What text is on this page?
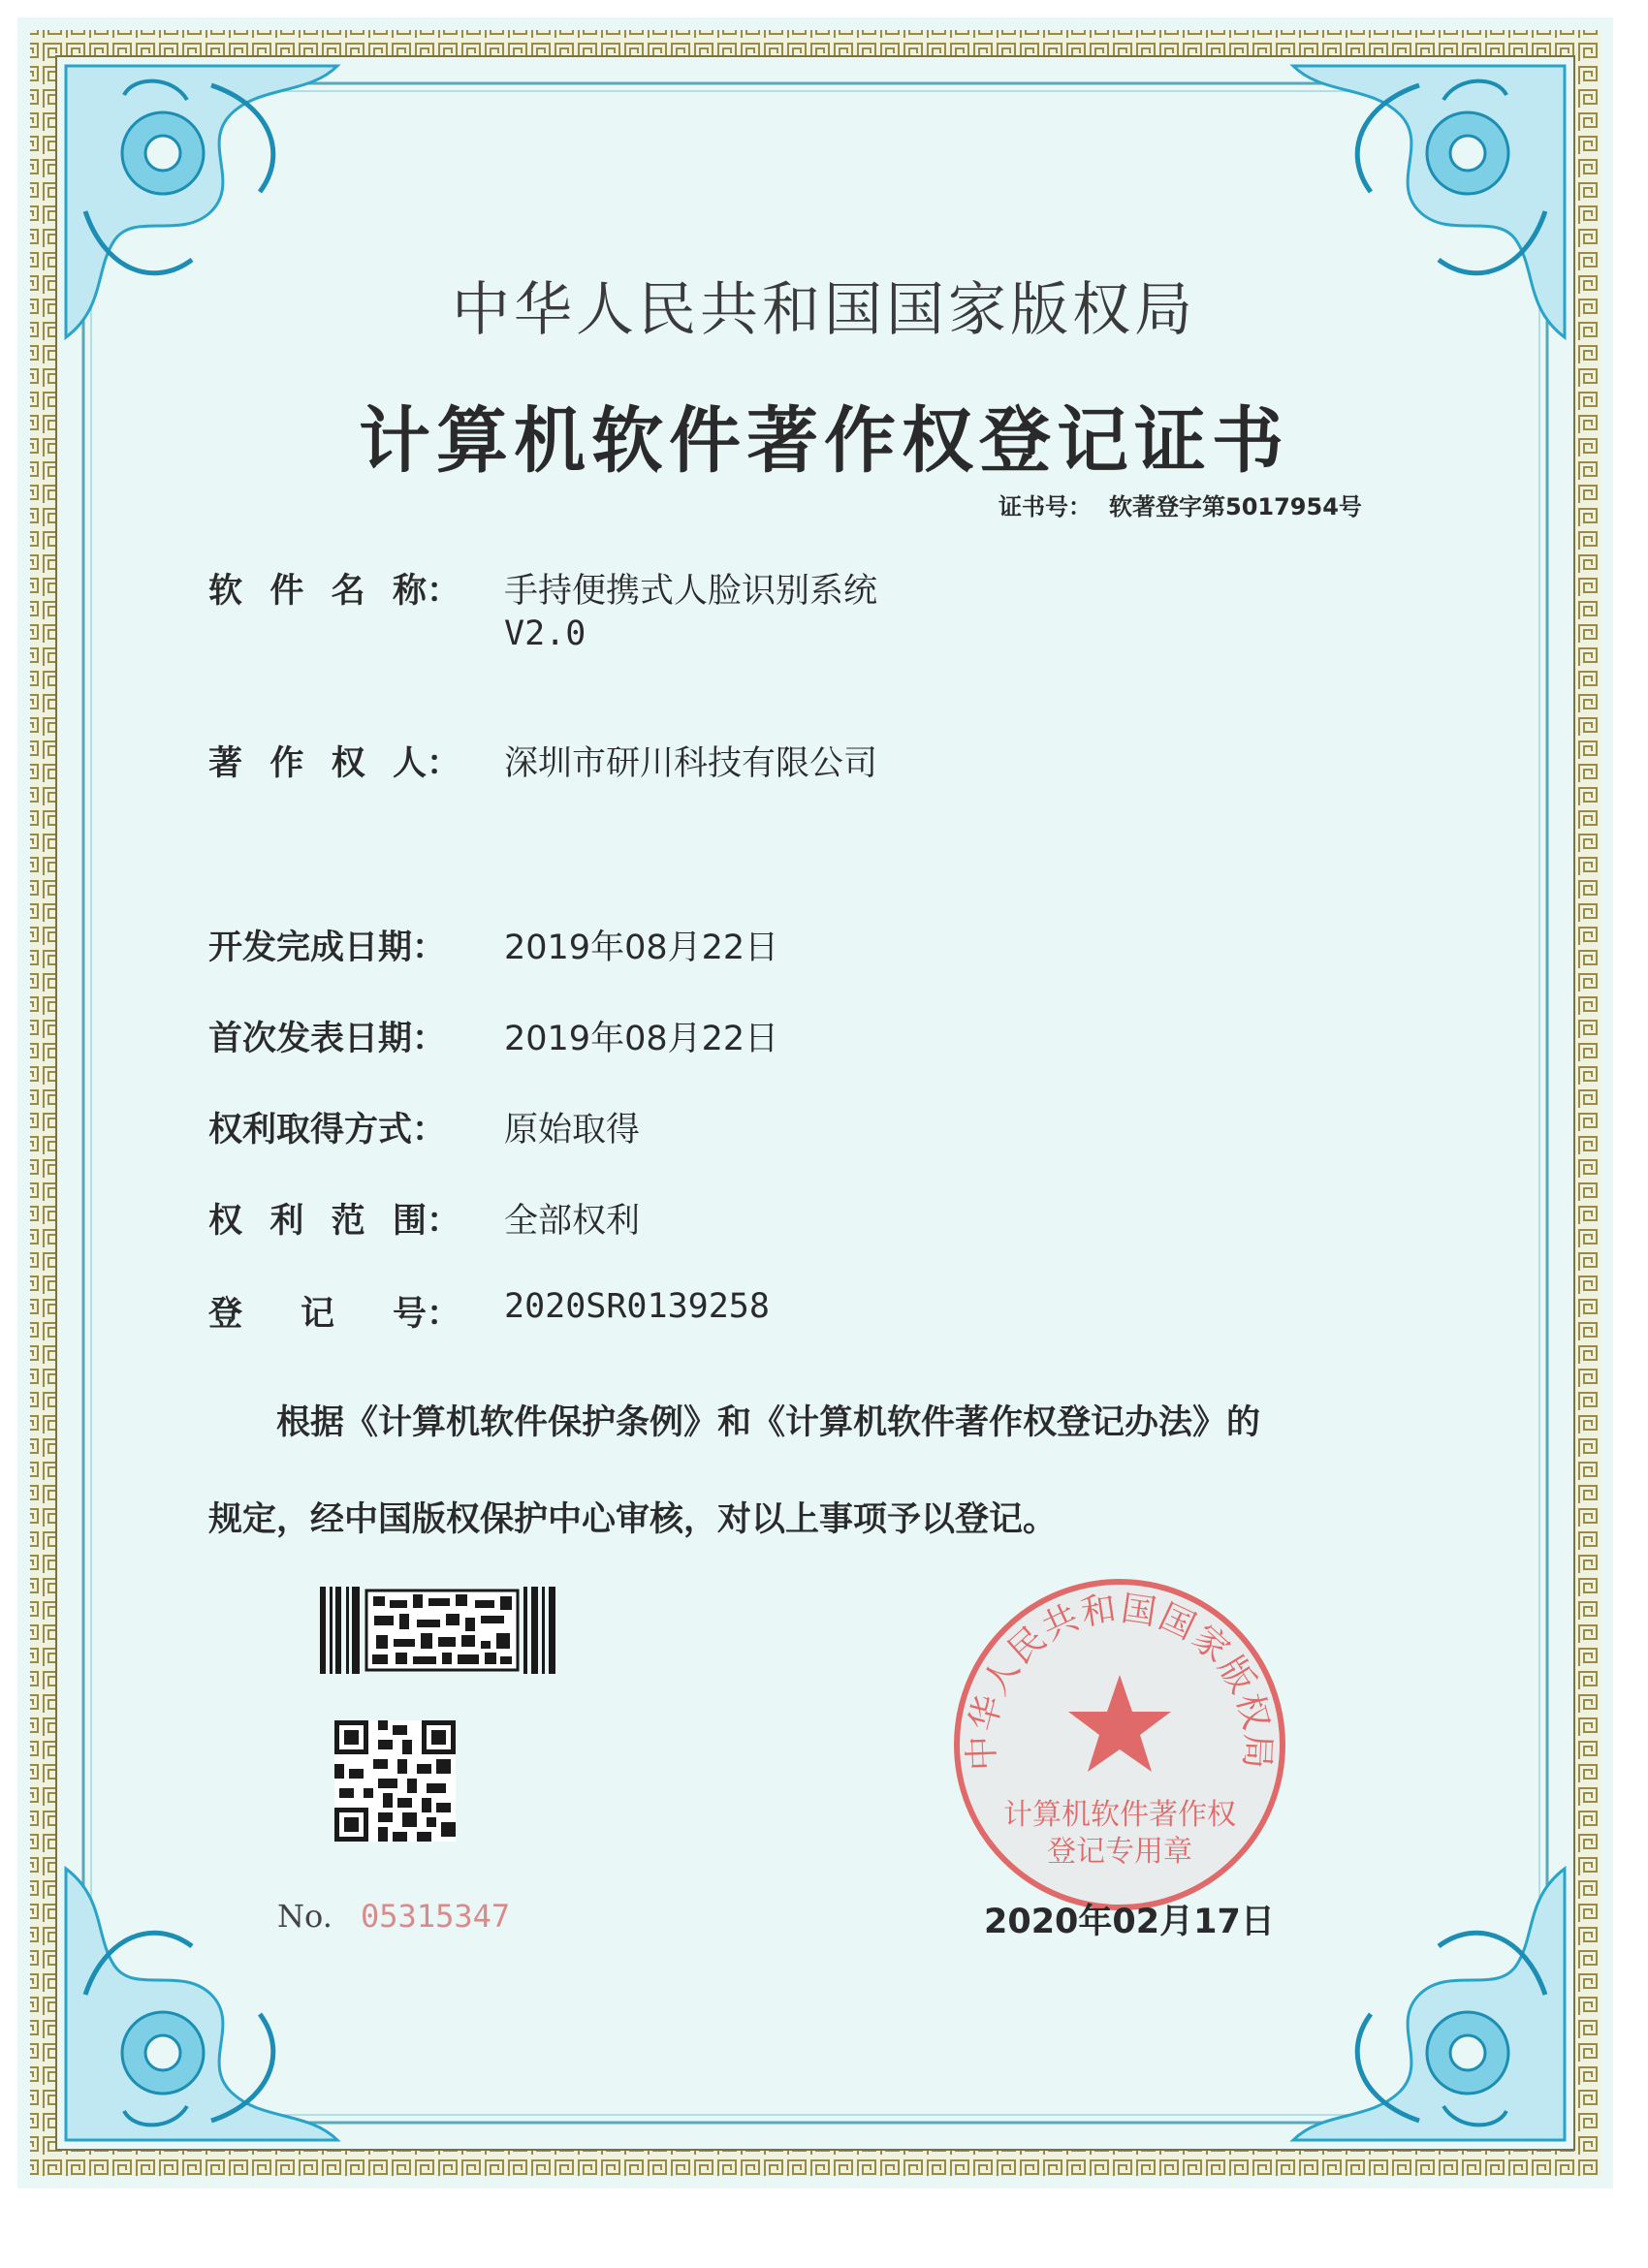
中华人民共和国国家版权局
计算机软件著作权登记证书
证书号： 软著登字第5017954号
软 件 名 称： 手持便携式人脸识别系统
V2.0
著 作 权 人： 深圳市研川科技有限公司
开发完成日期： 2019年08月22日
首次发表日期： 2019年08月22日
权利取得方式： 原始取得
权 利 范 围： 全部权利
登 记 号： 2020SR0139258
根据《计算机软件保护条例》和《计算机软件著作权登记办法》的
规定，经中国版权保护中心审核，对以上事项予以登记。
No. 05315347
中华人民共和国国家版权局
计算机软件著作权
登记专用章
2020年02月17日
